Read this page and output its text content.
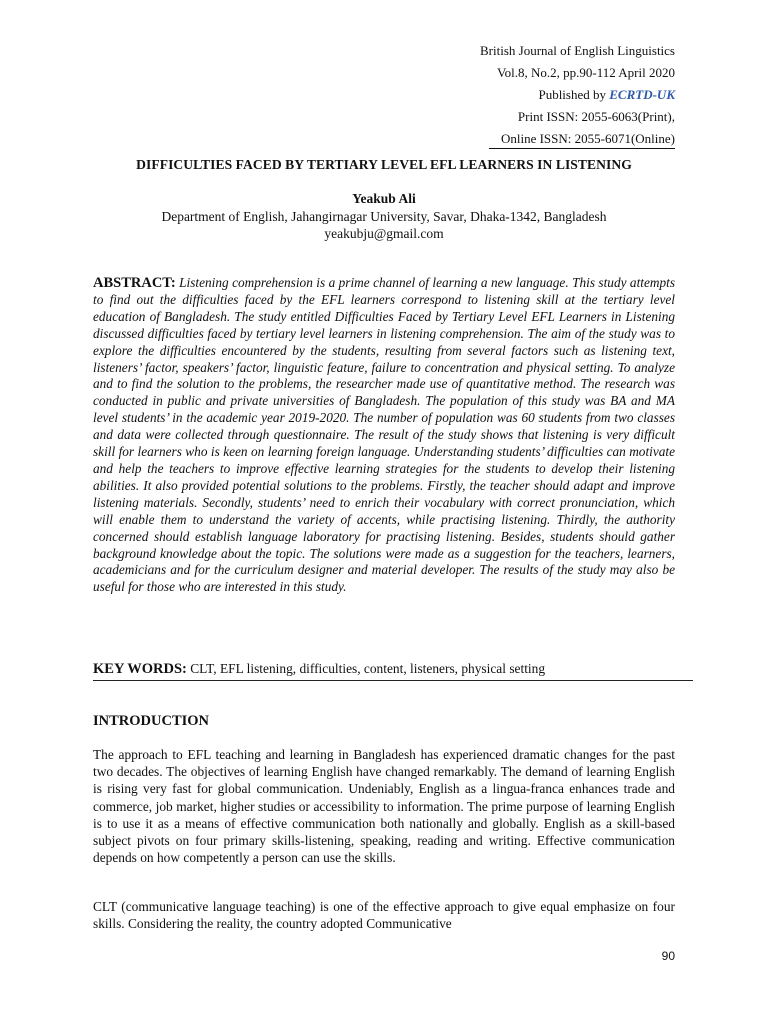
British Journal of English Linguistics
Vol.8, No.2, pp.90-112 April 2020
Published by ECRTD-UK
Print ISSN: 2055-6063(Print),
Online ISSN: 2055-6071(Online)
DIFFICULTIES FACED BY TERTIARY LEVEL EFL LEARNERS IN LISTENING
Yeakub Ali
Department of English, Jahangirnagar University, Savar, Dhaka-1342, Bangladesh
yeakubju@gmail.com
ABSTRACT: Listening comprehension is a prime channel of learning a new language. This study attempts to find out the difficulties faced by the EFL learners correspond to listening skill at the tertiary level education of Bangladesh. The study entitled Difficulties Faced by Tertiary Level EFL Learners in Listening discussed difficulties faced by tertiary level learners in listening comprehension. The aim of the study was to explore the difficulties encountered by the students, resulting from several factors such as listening text, listeners’ factor, speakers’ factor, linguistic feature, failure to concentration and physical setting. To analyze and to find the solution to the problems, the researcher made use of quantitative method. The research was conducted in public and private universities of Bangladesh. The population of this study was BA and MA level students’ in the academic year 2019-2020. The number of population was 60 students from two classes and data were collected through questionnaire. The result of the study shows that listening is very difficult skill for learners who is keen on learning foreign language. Understanding students’ difficulties can motivate and help the teachers to improve effective learning strategies for the students to develop their listening abilities. It also provided potential solutions to the problems. Firstly, the teacher should adapt and improve listening materials. Secondly, students’ need to enrich their vocabulary with correct pronunciation, which will enable them to understand the variety of accents, while practising listening. Thirdly, the authority concerned should establish language laboratory for practising listening. Besides, students should gather background knowledge about the topic. The solutions were made as a suggestion for the teachers, learners, academicians and for the curriculum designer and material developer. The results of the study may also be useful for those who are interested in this study.
KEY WORDS: CLT, EFL listening, difficulties, content, listeners, physical setting
INTRODUCTION
The approach to EFL teaching and learning in Bangladesh has experienced dramatic changes for the past two decades. The objectives of learning English have changed remarkably. The demand of learning English is rising very fast for global communication. Undeniably, English as a lingua-franca enhances trade and commerce, job market, higher studies or accessibility to information. The prime purpose of learning English is to use it as a means of effective communication both nationally and globally. English as a skill-based subject pivots on four primary skills-listening, speaking, reading and writing. Effective communication depends on how competently a person can use the skills.
CLT (communicative language teaching) is one of the effective approach to give equal emphasize on four skills. Considering the reality, the country adopted Communicative
90
